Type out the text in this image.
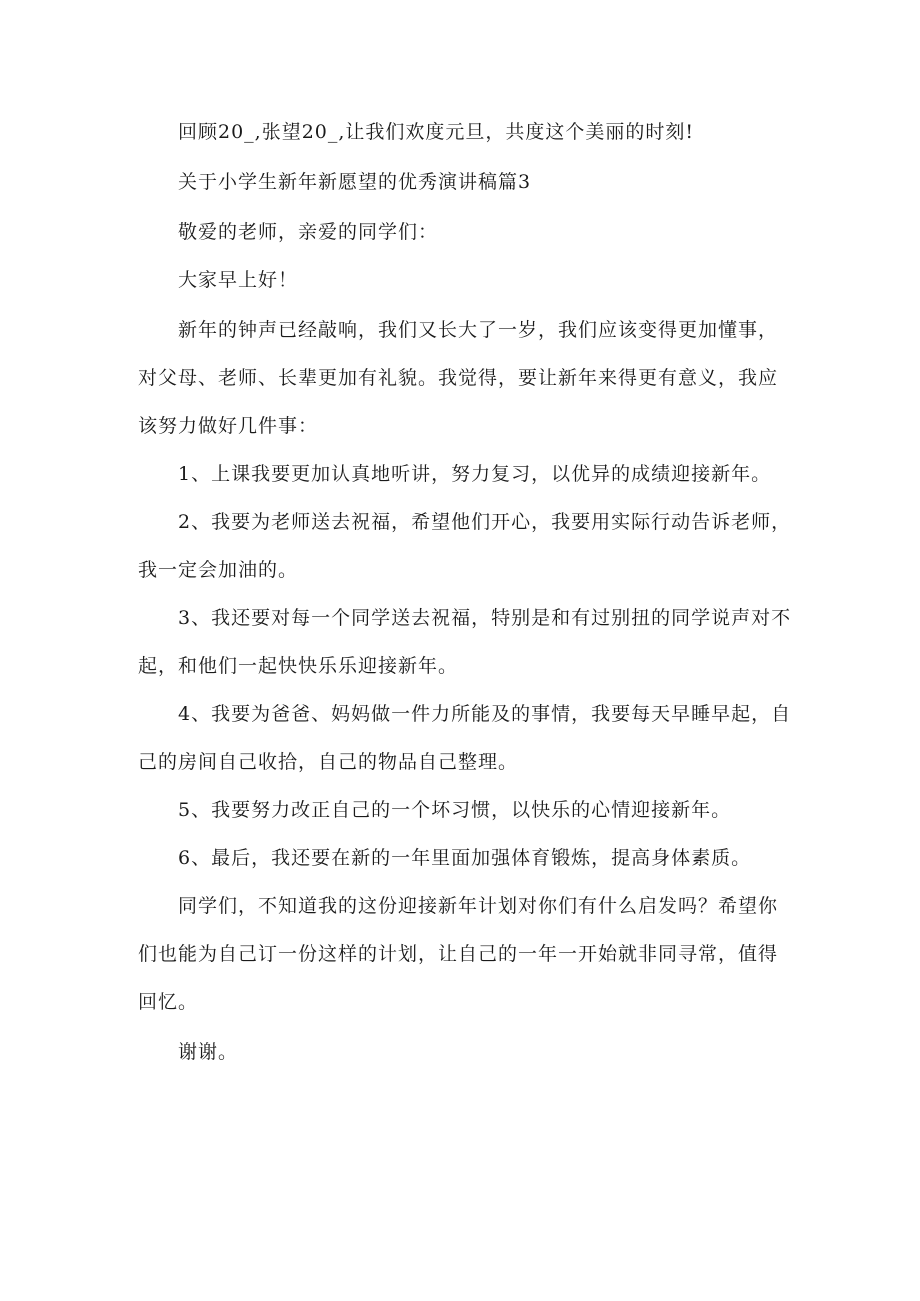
回顾20_,张望20_,让我们欢度元旦，共度这个美丽的时刻!
关于小学生新年新愿望的优秀演讲稿篇3
敬爱的老师，亲爱的同学们：
大家早上好！
新年的钟声已经敲响，我们又长大了一岁，我们应该变得更加懂事，
对父母、老师、长辈更加有礼貌。我觉得，要让新年来得更有意义，我应
该努力做好几件事：
1、上课我要更加认真地听讲，努力复习，以优异的成绩迎接新年。
2、我要为老师送去祝福，希望他们开心，我要用实际行动告诉老师，
我一定会加油的。
3、我还要对每一个同学送去祝福，特别是和有过别扭的同学说声对不
起，和他们一起快快乐乐迎接新年。
4、我要为爸爸、妈妈做一件力所能及的事情，我要每天早睡早起，自
己的房间自己收拾，自己的物品自己整理。
5、我要努力改正自己的一个坏习惯，以快乐的心情迎接新年。
6、最后，我还要在新的一年里面加强体育锻炼，提高身体素质。
同学们，不知道我的这份迎接新年计划对你们有什么启发吗？希望你
们也能为自己订一份这样的计划，让自己的一年一开始就非同寻常，值得
回忆。
谢谢。
